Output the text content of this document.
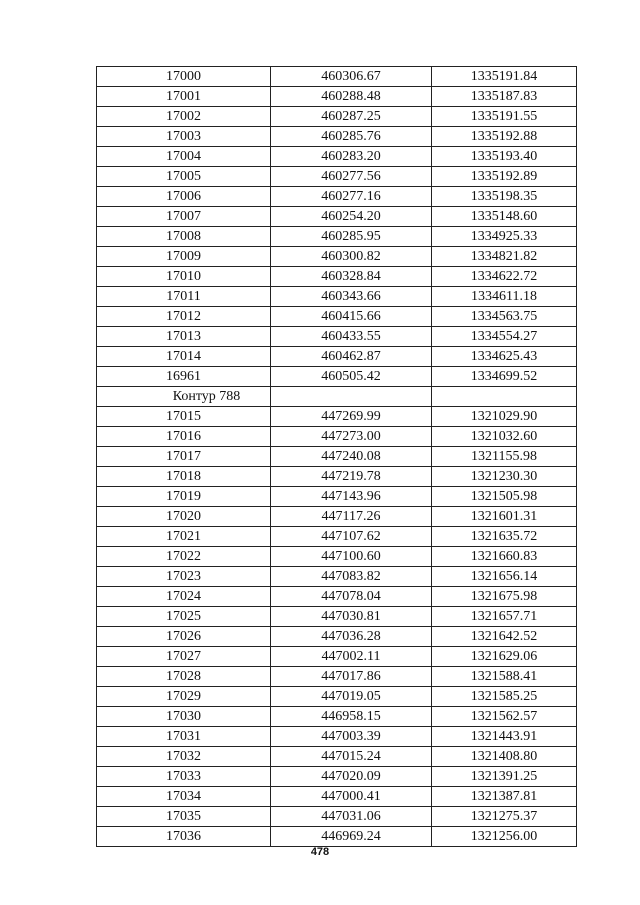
17000	460306.67	1335191.84
17001	460288.48	1335187.83
17002	460287.25	1335191.55
17003	460285.76	1335192.88
17004	460283.20	1335193.40
17005	460277.56	1335192.89
17006	460277.16	1335198.35
17007	460254.20	1335148.60
17008	460285.95	1334925.33
17009	460300.82	1334821.82
17010	460328.84	1334622.72
17011	460343.66	1334611.18
17012	460415.66	1334563.75
17013	460433.55	1334554.27
17014	460462.87	1334625.43
16961	460505.42	1334699.52
Контур 788		
17015	447269.99	1321029.90
17016	447273.00	1321032.60
17017	447240.08	1321155.98
17018	447219.78	1321230.30
17019	447143.96	1321505.98
17020	447117.26	1321601.31
17021	447107.62	1321635.72
17022	447100.60	1321660.83
17023	447083.82	1321656.14
17024	447078.04	1321675.98
17025	447030.81	1321657.71
17026	447036.28	1321642.52
17027	447002.11	1321629.06
17028	447017.86	1321588.41
17029	447019.05	1321585.25
17030	446958.15	1321562.57
17031	447003.39	1321443.91
17032	447015.24	1321408.80
17033	447020.09	1321391.25
17034	447000.41	1321387.81
17035	447031.06	1321275.37
17036	446969.24	1321256.00
478
